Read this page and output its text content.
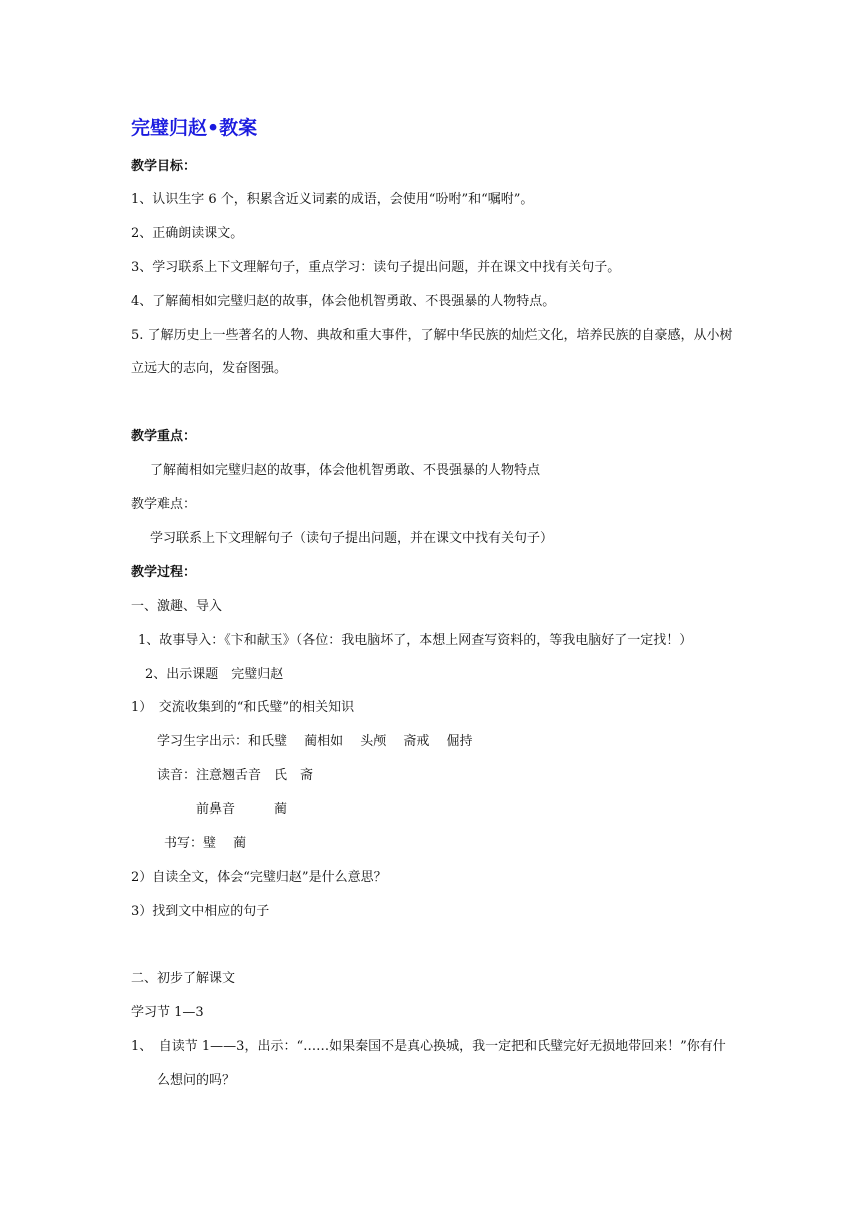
完璧归赵•教案
教学目标：
1、认识生字 6 个，积累含近义词素的成语，会使用“吩咐”和“嘱咐”。
2、正确朗读课文。
3、学习联系上下文理解句子，重点学习：读句子提出问题，并在课文中找有关句子。
4、了解蔺相如完璧归赵的故事，体会他机智勇敢、不畏强暴的人物特点。
5. 了解历史上一些著名的人物、典故和重大事件，了解中华民族的灿烂文化，培养民族的自豪感，从小树
立远大的志向，发奋图强。
教学重点：
了解蔺相如完璧归赵的故事，体会他机智勇敢、不畏强暴的人物特点
教学难点：
学习联系上下文理解句子（读句子提出问题，并在课文中找有关句子）
教学过程：
一、激趣、导入
1、故事导入：《卞和献玉》（各位：我电脑坏了，本想上网查写资料的，等我电脑好了一定找！）
2、出示课题　完璧归赵
1）　交流收集到的“和氏璧”的相关知识
学习生字出示：和氏璧　 蔺相如　 头颅　 斋戒　 倔持
读音：注意翘舌音　氏　斋
前鼻音　　　蔺
书写：璧　 蔺
2）自读全文，体会“完璧归赵”是什么意思？
3）找到文中相应的句子
二、初步了解课文
学习节 1—3
1、　自读节 1——3，出示：“……如果秦国不是真心换城，我一定把和氏璧完好无损地带回来！”你有什
么想问的吗？
